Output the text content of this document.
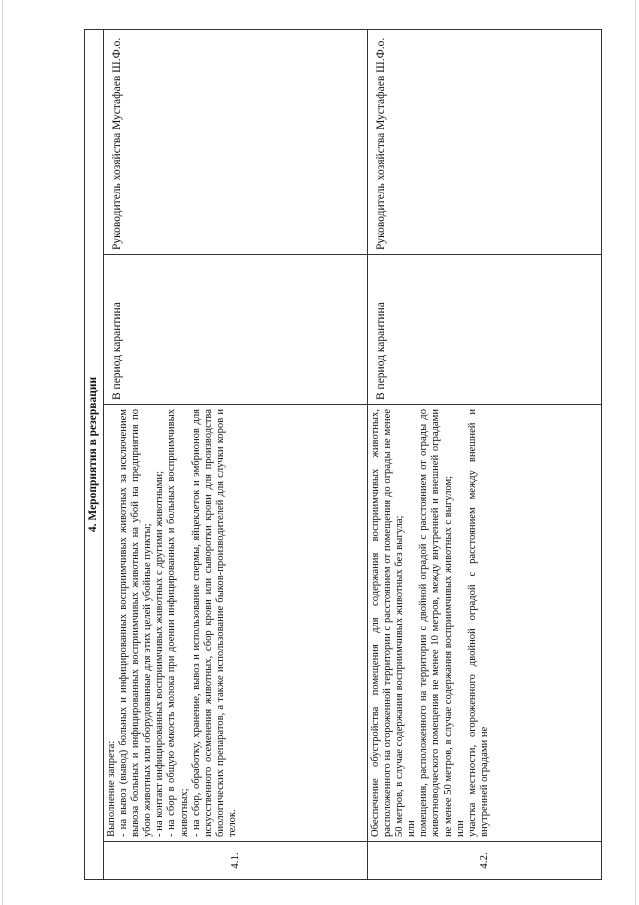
4. Мероприятия в резервации			
4.1.	Выполнение запрета: - на вывоз (вывод) больных и инфицированных восприимчивых животных за исключением вывоза больных и инфицированных восприимчивых животных на убой на предприятия по убою животных или оборудованные для этих целей убойные пункты; - на контакт инфицированных восприимчивых животных с другими животными; - на сбор в общую емкость молока при доении инфицированных и больных восприимчивых животных; - на сбор, обработку, хранение, вывоз и использование спермы, яйцеклеток и эмбрионов для искусственного осеменения животных, сбор крови или сыворотки крови для производства биологических препаратов, а также использование быков-производителей для случки коров и телок.	В период карантина	Руководитель хозяйства Мустафаев Ш.Ф.о.
4.2.	Обеспечение обустройства помещения для содержания восприимчивых животных, расположенного на огороженной территории с расстоянием от помещения до ограды не менее 50 метров, в случае содержания восприимчивых животных без выгула; или помещения, расположенного на территории с двойной оградой с расстоянием от ограды до животноводческого помещения не менее 10 метров, между внутренней и внешней оградами не менее 50 метров, в случае содержания восприимчивых животных с выгулом; или участка местности, огороженного двойной оградой с расстоянием между внешней и внутренней оградами не	В период карантина	Руководитель хозяйства Мустафаев Ш.Ф.о.
